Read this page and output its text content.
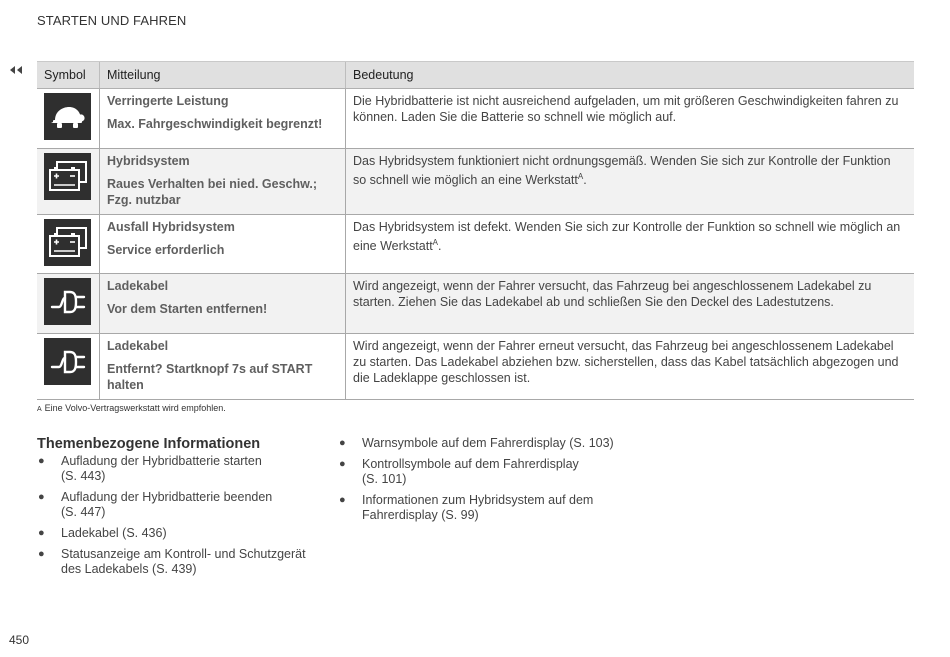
STARTEN UND FAHREN
Symbol	Mitteilung	Bedeutung

Verringerte Leistung
Max. Fahrgeschwindigkeit begrenzt!	Die Hybridbatterie ist nicht ausreichend aufgeladen, um mit größeren Geschwindigkeiten fahren zu können. Laden Sie die Batterie so schnell wie möglich auf.

Hybridsystem
Raues Verhalten bei nied. Geschw.; Fzg. nutzbar	Das Hybridsystem funktioniert nicht ordnungsgemäß. Wenden Sie sich zur Kontrolle der Funktion so schnell wie möglich an eine Werkstatt$^A$.

Ausfall Hybridsystem
Service erforderlich	Das Hybridsystem ist defekt. Wenden Sie sich zur Kontrolle der Funktion so schnell wie möglich an eine Werkstatt$^A$.

Ladekabel
Vor dem Starten entfernen!	Wird angezeigt, wenn der Fahrer versucht, das Fahrzeug bei angeschlossenem Ladekabel zu starten. Ziehen Sie das Ladekabel ab und schließen Sie den Deckel des Ladestutzens.

Ladekabel
Entfernt? Startknopf 7s auf START halten	Wird angezeigt, wenn der Fahrer erneut versucht, das Fahrzeug bei angeschlossenem Ladekabel zu starten. Das Ladekabel abziehen bzw. sicherstellen, dass das Kabel tatsächlich abgezogen und die Ladeklappe geschlossen ist.
A Eine Volvo-Vertragswerkstatt wird empfohlen.
Themenbezogene Informationen
● Aufladung der Hybridbatterie starten
(S. 443)
● Aufladung der Hybridbatterie beenden
(S. 447)
● Ladekabel (S. 436)
● Statusanzeige am Kontroll- und Schutzgerät
des Ladekabels (S. 439)
● Warnsymbole auf dem Fahrerdisplay (S. 103)
● Kontrollsymbole auf dem Fahrerdisplay
(S. 101)
● Informationen zum Hybridsystem auf dem
Fahrerdisplay (S. 99)
450
